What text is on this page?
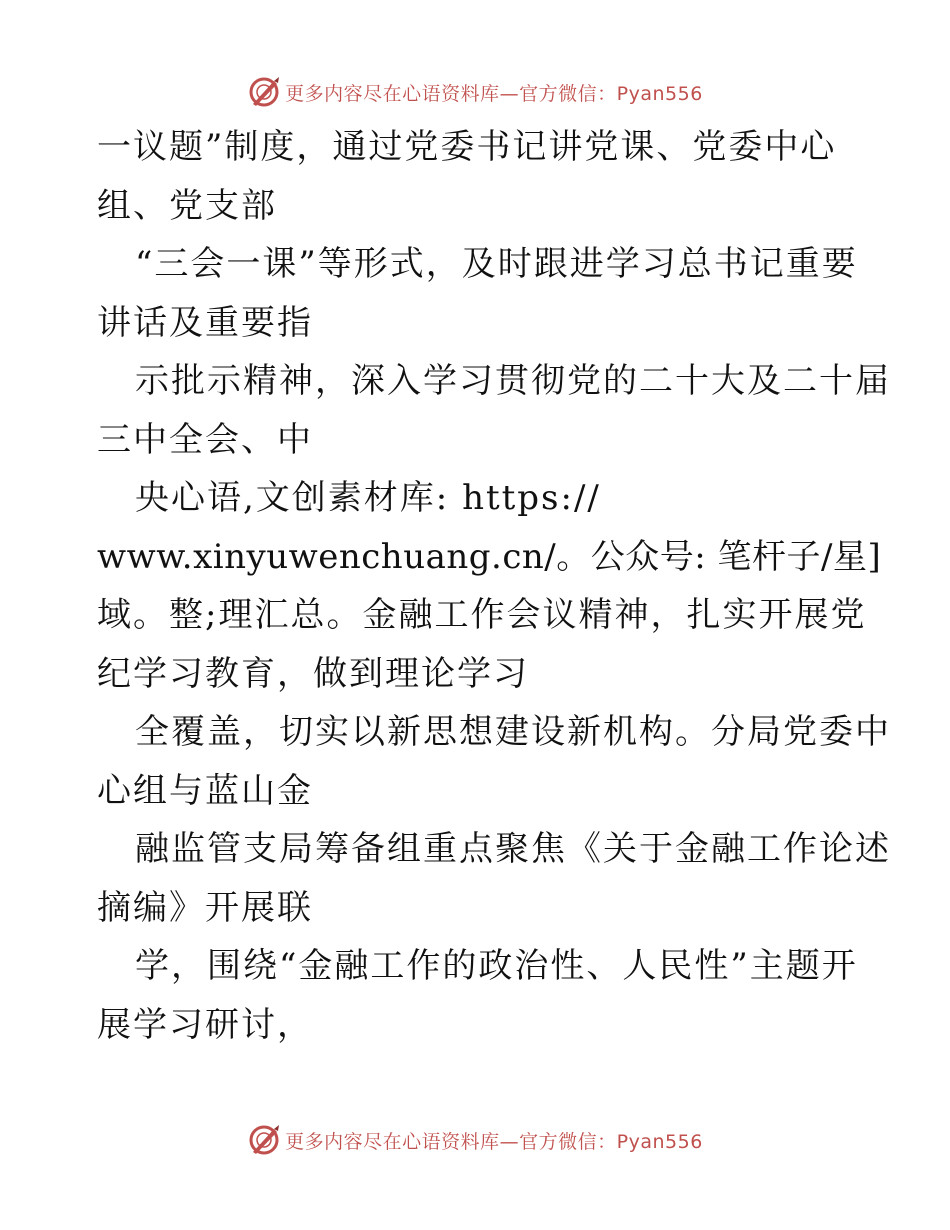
更多内容尽在心语资料库—官方微信：Pyan556
一议题”制度，通过党委书记讲党课、党委中心
组、党支部
“三会一课”等形式，及时跟进学习总书记重要
讲话及重要指
示批示精神，深入学习贯彻党的二十大及二十届
三中全会、中
央心语,文创素材库: https://
www.xinyuwenchuang.cn/。公众号: 笔杆子/星]
域。整;理汇总。金融工作会议精神，扎实开展党
纪学习教育，做到理论学习
全覆盖，切实以新思想建设新机构。分局党委中
心组与蓝山金
融监管支局筹备组重点聚焦《关于金融工作论述
摘编》开展联
学，围绕“金融工作的政治性、人民性”主题开
展学习研讨，
更多内容尽在心语资料库—官方微信：Pyan556
